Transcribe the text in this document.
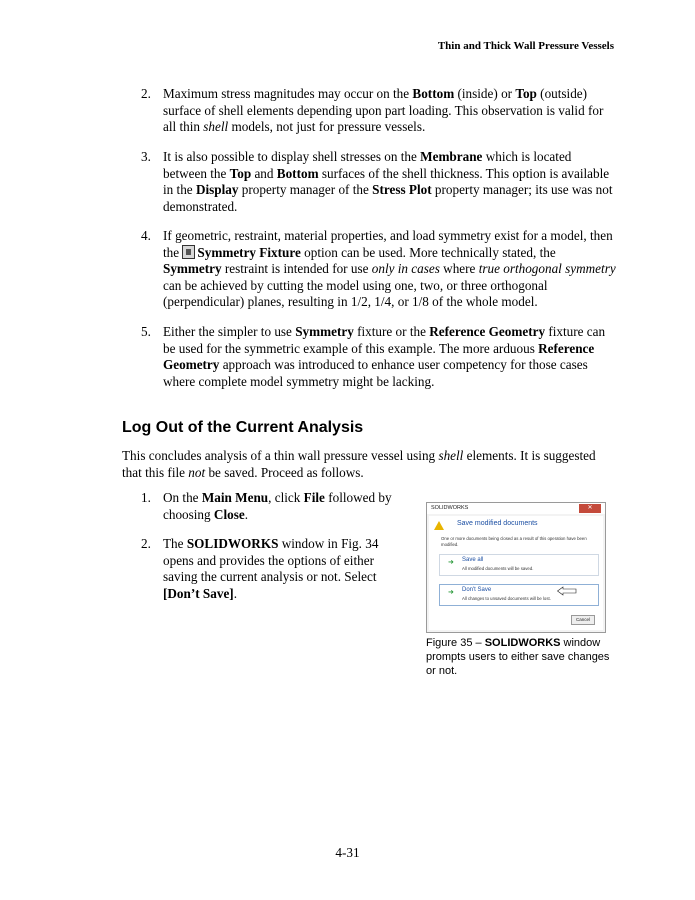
Thin and Thick Wall Pressure Vessels
2. Maximum stress magnitudes may occur on the Bottom (inside) or Top (outside) surface of shell elements depending upon part loading. This observation is valid for all thin shell models, not just for pressure vessels.
3. It is also possible to display shell stresses on the Membrane which is located between the Top and Bottom surfaces of the shell thickness. This option is available in the Display property manager of the Stress Plot property manager; its use was not demonstrated.
4. If geometric, restraint, material properties, and load symmetry exist for a model, then the Symmetry Fixture option can be used. More technically stated, the Symmetry restraint is intended for use only in cases where true orthogonal symmetry can be achieved by cutting the model using one, two, or three orthogonal (perpendicular) planes, resulting in 1/2, 1/4, or 1/8 of the whole model.
5. Either the simpler to use Symmetry fixture or the Reference Geometry fixture can be used for the symmetric example of this example. The more arduous Reference Geometry approach was introduced to enhance user competency for those cases where complete model symmetry might be lacking.
Log Out of the Current Analysis
This concludes analysis of a thin wall pressure vessel using shell elements. It is suggested that this file not be saved. Proceed as follows.
1. On the Main Menu, click File followed by choosing Close.
2. The SOLIDWORKS window in Fig. 34 opens and provides the options of either saving the current analysis or not. Select [Don’t Save].
SOLIDWORKS	✕
Save modified documents
One or more documents being closed as a result of this operation have been modified.
➜ Save all
All modified documents will be saved.
➜ Don't Save
All changes to unsaved documents will be lost.
Cancel
Figure 35 – SOLIDWORKS window prompts users to either save changes or not.
4-31
